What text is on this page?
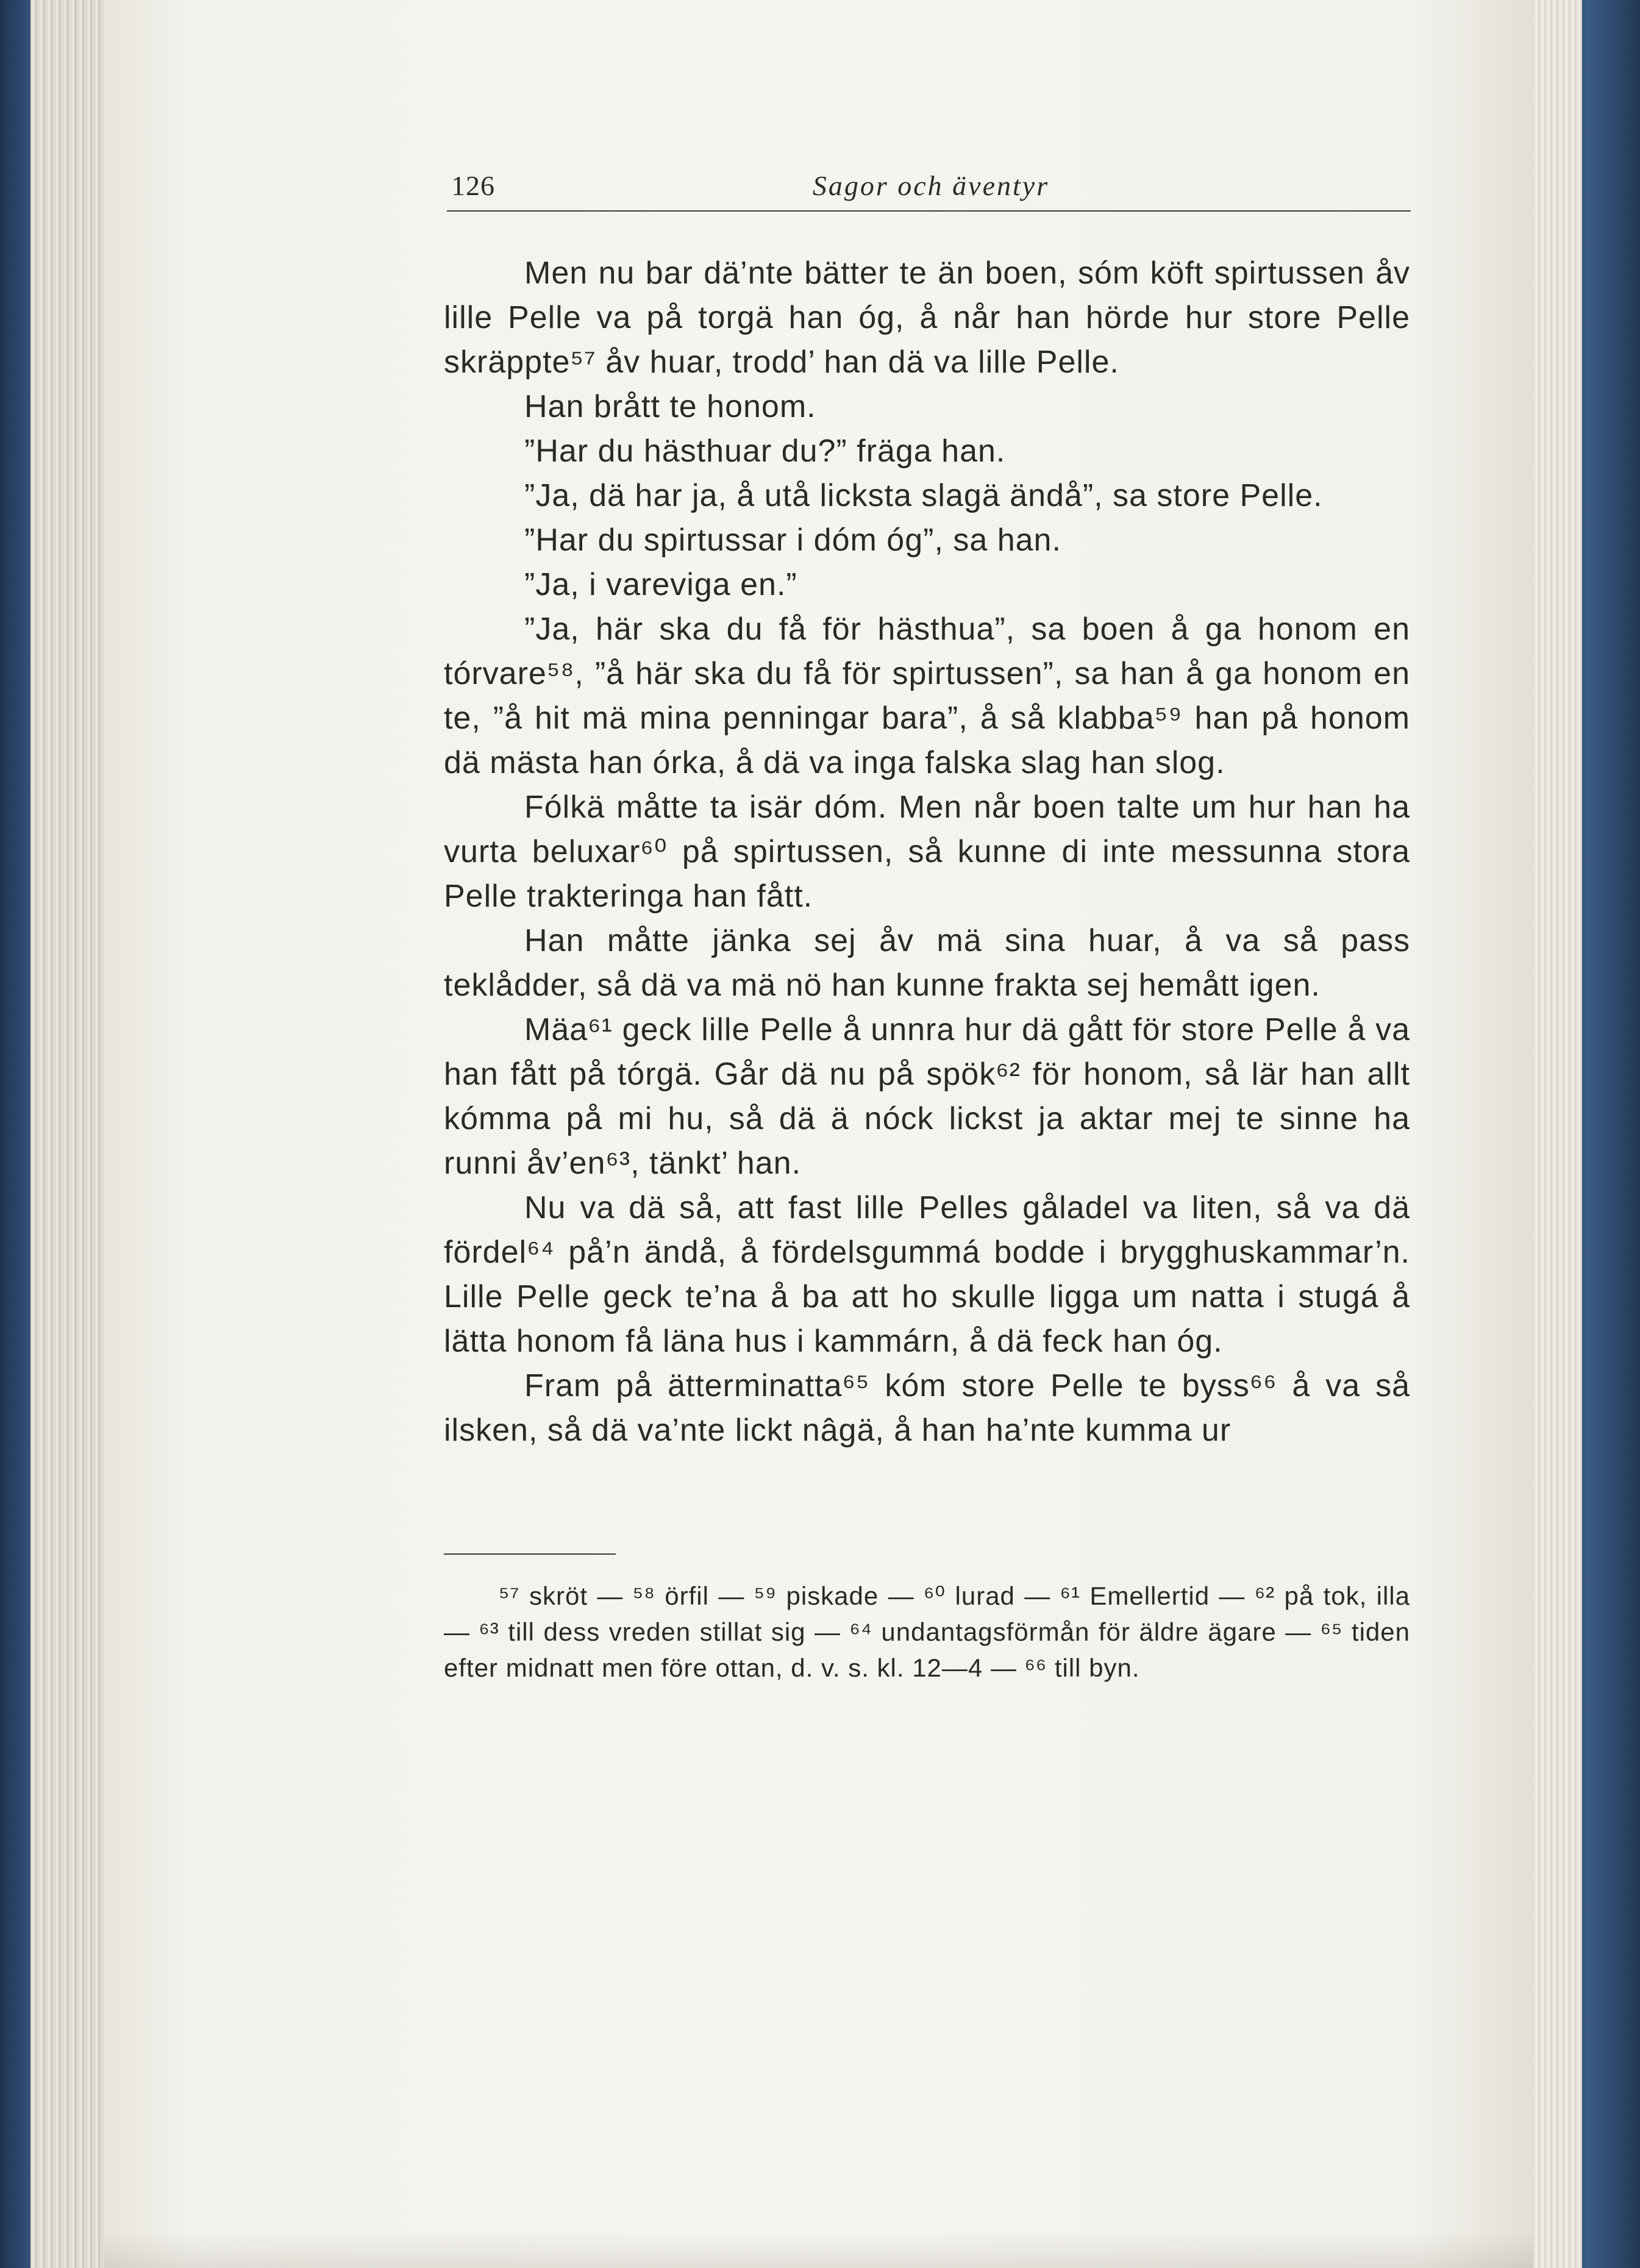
126	Sagor och äventyr

Men nu bar dä’nte bätter te än boen, sóm köft spirtussen åv lille Pelle va på torgä han óg, å når han hörde hur store Pelle skräppte⁵⁷ åv huar, trodd’ han dä va lille Pelle.

Han brått te honom.

”Har du hästhuar du?” fräga han.

”Ja, dä har ja, å utå licksta slagä ändå”, sa store Pelle.

”Har du spirtussar i dóm óg”, sa han.

”Ja, i vareviga en.”

”Ja, här ska du få för hästhua”, sa boen å ga honom en tórvare⁵⁸, ”å här ska du få för spirtussen”, sa han å ga honom en te, ”å hit mä mina penningar bara”, å så klabba⁵⁹ han på honom dä mästa han órka, å dä va inga falska slag han slog.

Fólkä måtte ta isär dóm. Men når boen talte um hur han ha vurta beluxar⁶⁰ på spirtussen, så kunne di inte messunna stora Pelle trakteringa han fått.

Han måtte jänka sej åv mä sina huar, å va så pass teklådder, så dä va mä nö han kunne frakta sej hemått igen.

Mäa⁶¹ geck lille Pelle å unnra hur dä gått för store Pelle å va han fått på tórgä. Går dä nu på spök⁶² för honom, så lär han allt kómma på mi hu, så dä ä nóck lickst ja aktar mej te sinne ha runni åv’en⁶³, tänkt’ han.

Nu va dä så, att fast lille Pelles gåladel va liten, så va dä fördel⁶⁴ på’n ändå, å fördelsgummá bodde i brygghuskammar’n. Lille Pelle geck te’na å ba att ho skulle ligga um natta i stugá å lätta honom få läna hus i kammárn, å dä feck han óg.

Fram på ätterminatta⁶⁵ kóm store Pelle te byss⁶⁶ å va så ilsken, så dä va’nte lickt nâgä, å han ha’nte kumma ur

⁵⁷ skröt — ⁵⁸ örfil — ⁵⁹ piskade — ⁶⁰ lurad — ⁶¹ Emellertid — ⁶² på tok, illa — ⁶³ till dess vreden stillat sig — ⁶⁴ undantagsförmån för äldre ägare — ⁶⁵ tiden efter midnatt men före ottan, d. v. s. kl. 12—4 — ⁶⁶ till byn.
